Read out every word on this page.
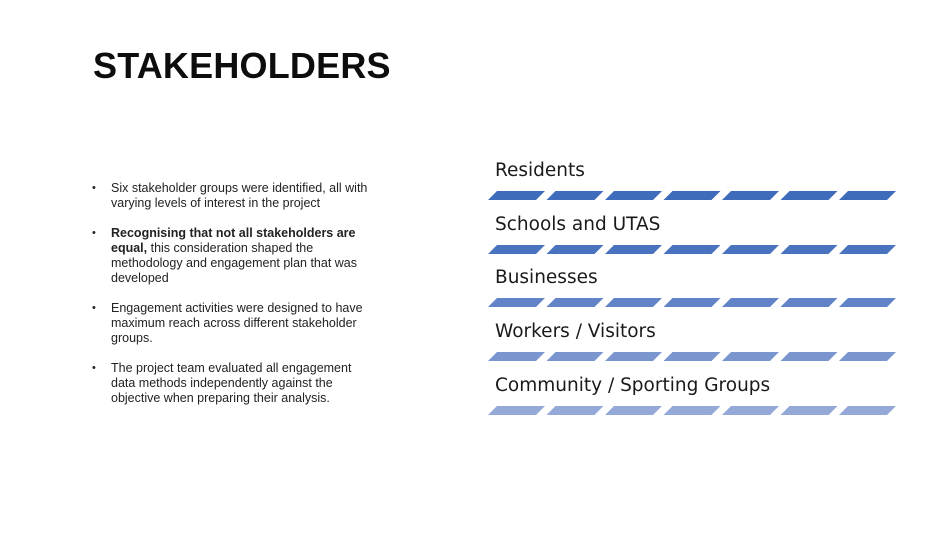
STAKEHOLDERS
• Six stakeholder groups were identified, all with varying levels of interest in the project
• Recognising that not all stakeholders are equal, this consideration shaped the methodology and engagement plan that was developed
• Engagement activities were designed to have maximum reach across different stakeholder groups.
• The project team evaluated all engagement data methods independently against the objective when preparing their analysis.
Residents
Schools and UTAS
Businesses
Workers / Visitors
Community / Sporting Groups
